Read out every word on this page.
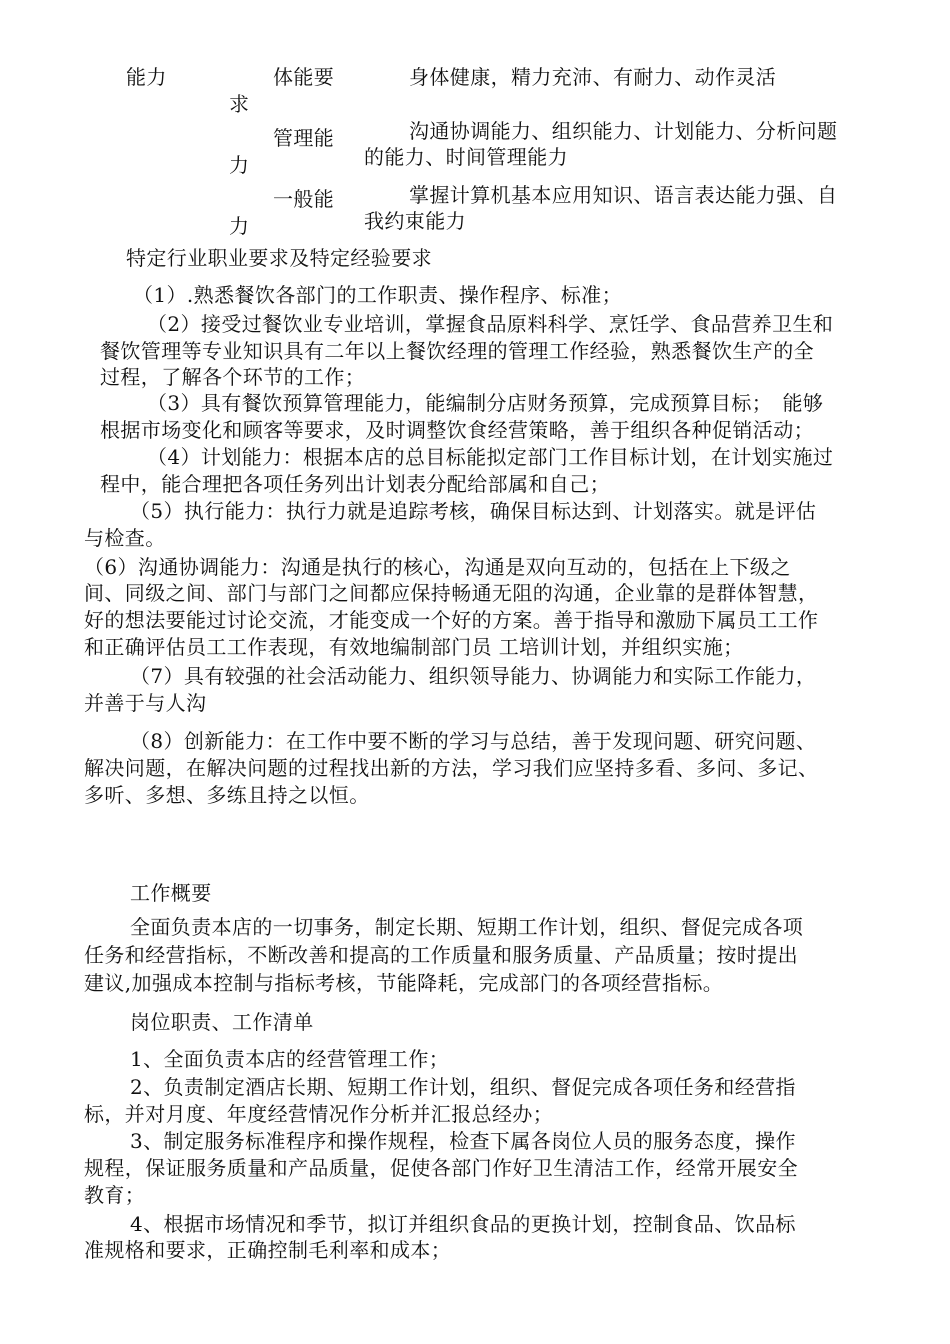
能力	体能要
求
身体健康，精力充沛、有耐力、动作灵活
管理能
力
沟通协调能力、组织能力、计划能力、分析问题
的能力、时间管理能力
一般能
力
掌握计算机基本应用知识、语言表达能力强、自
我约束能力
特定行业职业要求及特定经验要求
（1）.熟悉餐饮各部门的工作职责、操作程序、标准；
（2）接受过餐饮业专业培训，掌握食品原料科学、烹饪学、食品营养卫生和
餐饮管理等专业知识具有二年以上餐饮经理的管理工作经验，熟悉餐饮生产的全
过程，了解各个环节的工作；
（3）具有餐饮预算管理能力，能编制分店财务预算，完成预算目标；　能够
根据市场变化和顾客等要求，及时调整饮食经营策略，善于组织各种促销活动；
（4）计划能力：根据本店的总目标能拟定部门工作目标计划，在计划实施过
程中，能合理把各项任务列出计划表分配给部属和自己；
（5）执行能力：执行力就是追踪考核，确保目标达到、计划落实。就是评估
与检查。
（6）沟通协调能力：沟通是执行的核心，沟通是双向互动的，包括在上下级之
间、同级之间、部门与部门之间都应保持畅通无阻的沟通，企业靠的是群体智慧，
好的想法要能过讨论交流，才能变成一个好的方案。善于指导和激励下属员工工作
和正确评估员工工作表现，有效地编制部门员 工培训计划，并组织实施；
（7）具有较强的社会活动能力、组织领导能力、协调能力和实际工作能力，
并善于与人沟
（8）创新能力：在工作中要不断的学习与总结，善于发现问题、研究问题、
解决问题，在解决问题的过程找出新的方法，学习我们应坚持多看、多问、多记、
多听、多想、多练且持之以恒。
工作概要
全面负责本店的一切事务，制定长期、短期工作计划，组织、督促完成各项
任务和经营指标，不断改善和提高的工作质量和服务质量、产品质量；按时提出
建议,加强成本控制与指标考核，节能降耗，完成部门的各项经营指标。
岗位职责、工作清单
1、全面负责本店的经营管理工作；
2、负责制定酒店长期、短期工作计划，组织、督促完成各项任务和经营指
标，并对月度、年度经营情况作分析并汇报总经办；
3、制定服务标准程序和操作规程，检查下属各岗位人员的服务态度，操作
规程，保证服务质量和产品质量，促使各部门作好卫生清洁工作，经常开展安全
教育；
4、根据市场情况和季节，拟订并组织食品的更换计划，控制食品、饮品标
准规格和要求，正确控制毛利率和成本；
